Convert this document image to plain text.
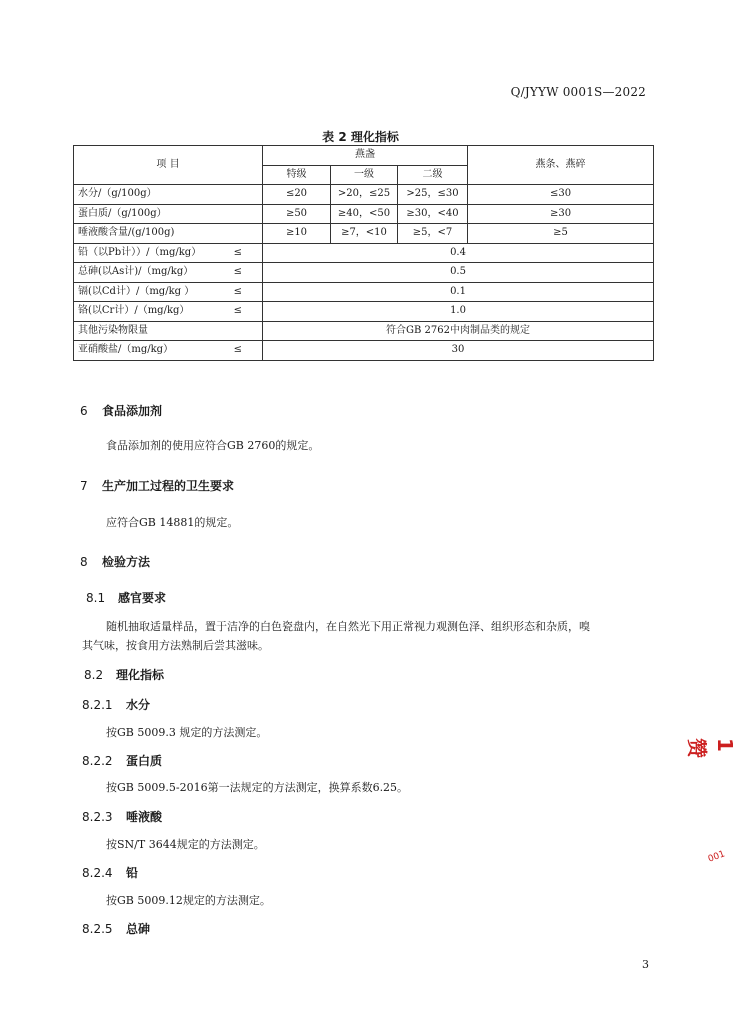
Q/JYYW 0001S—2022
表 2 理化指标
项 目	燕盏			燕条、燕碎
	特级	一级	二级	
水分/（g/100g）	≤20	>20，≤25	>25，≤30	≤30
蛋白质/（g/100g）	≥50	≥40，<50	≥30，<40	≥30
唾液酸含量/(g/100g)	≥10	≥7，<10	≥5，<7	≥5

铅（以Pb计））/（mg/kg） ≤	0.4			

总砷(以As计)/（mg/kg） ≤	0.5			

镉(以Cd计）/（mg/kg ） ≤	0.1			

铬(以Cr计）/（mg/kg） ≤	1.0			

其他污染物限量	符合GB 2762中肉制品类的规定			

亚硝酸盐/（mg/kg） ≤	30			
6 食品添加剂
食品添加剂的使用应符合GB 2760的规定。
7 生产加工过程的卫生要求
应符合GB 14881的规定。
8 检验方法
8.1 感官要求
随机抽取适量样品，置于洁净的白色瓷盘内，在自然光下用正常视力观测色泽、组织形态和杂质，嗅
其气味，按食用方法熟制后尝其滋味。
8.2 理化指标
8.2.1 水分
按GB 5009.3 规定的方法测定。
8.2.2 蛋白质
按GB 5009.5-2016第一法规定的方法测定，换算系数6.25。
8.2.3 唾液酸
按SN/T 3644规定的方法测定。
8.2.4 铅
按GB 5009.12规定的方法测定。
8.2.5 总砷
1赞
001
3
